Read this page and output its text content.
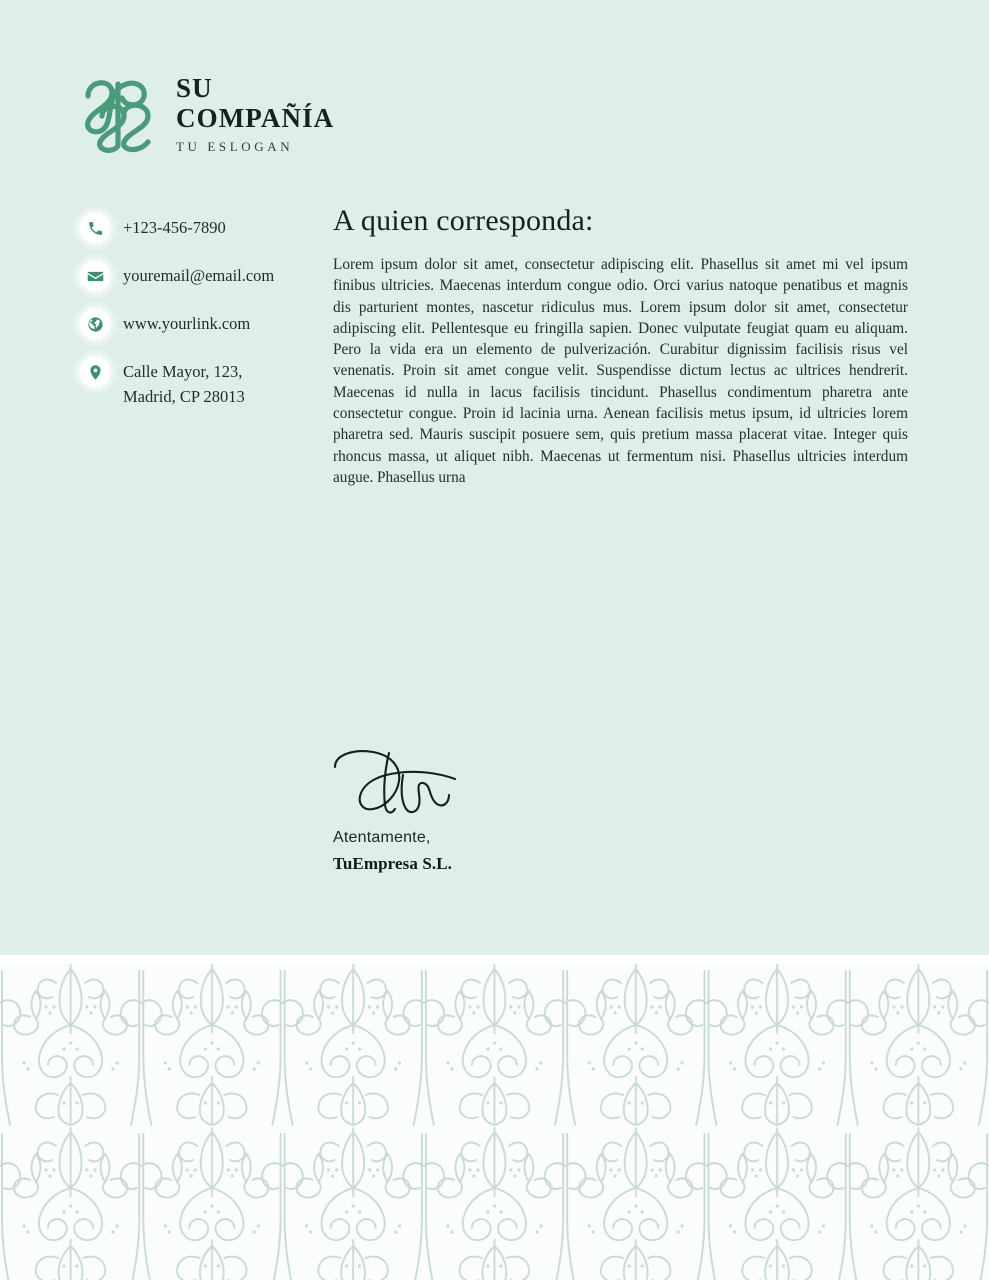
SU
COMPAÑÍA
TU ESLOGAN
+123-456-7890
youremail@email.com
www.yourlink.com
Calle Mayor, 123,
Madrid, CP 28013
A quien corresponda:

Lorem ipsum dolor sit amet, consectetur adipiscing elit. Phasellus sit amet mi vel ipsum finibus ultricies. Maecenas interdum congue odio. Orci varius natoque penatibus et magnis dis parturient montes, nascetur ridiculus mus. Lorem ipsum dolor sit amet, consectetur adipiscing elit. Pellentesque eu fringilla sapien. Donec vulputate feugiat quam eu aliquam. Pero la vida era un elemento de pulverización. Curabitur dignissim facilisis risus vel venenatis. Proin sit amet congue velit. Suspendisse dictum lectus ac ultrices hendrerit. Maecenas id nulla in lacus facilisis tincidunt. Phasellus condimentum pharetra ante consectetur congue. Proin id lacinia urna. Aenean facilisis metus ipsum, id ultricies lorem pharetra sed. Mauris suscipit posuere sem, quis pretium massa placerat vitae. Integer quis rhoncus massa, ut aliquet nibh. Maecenas ut fermentum nisi. Phasellus ultricies interdum augue. Phasellus urna

Atentamente,
TuEmpresa S.L.
